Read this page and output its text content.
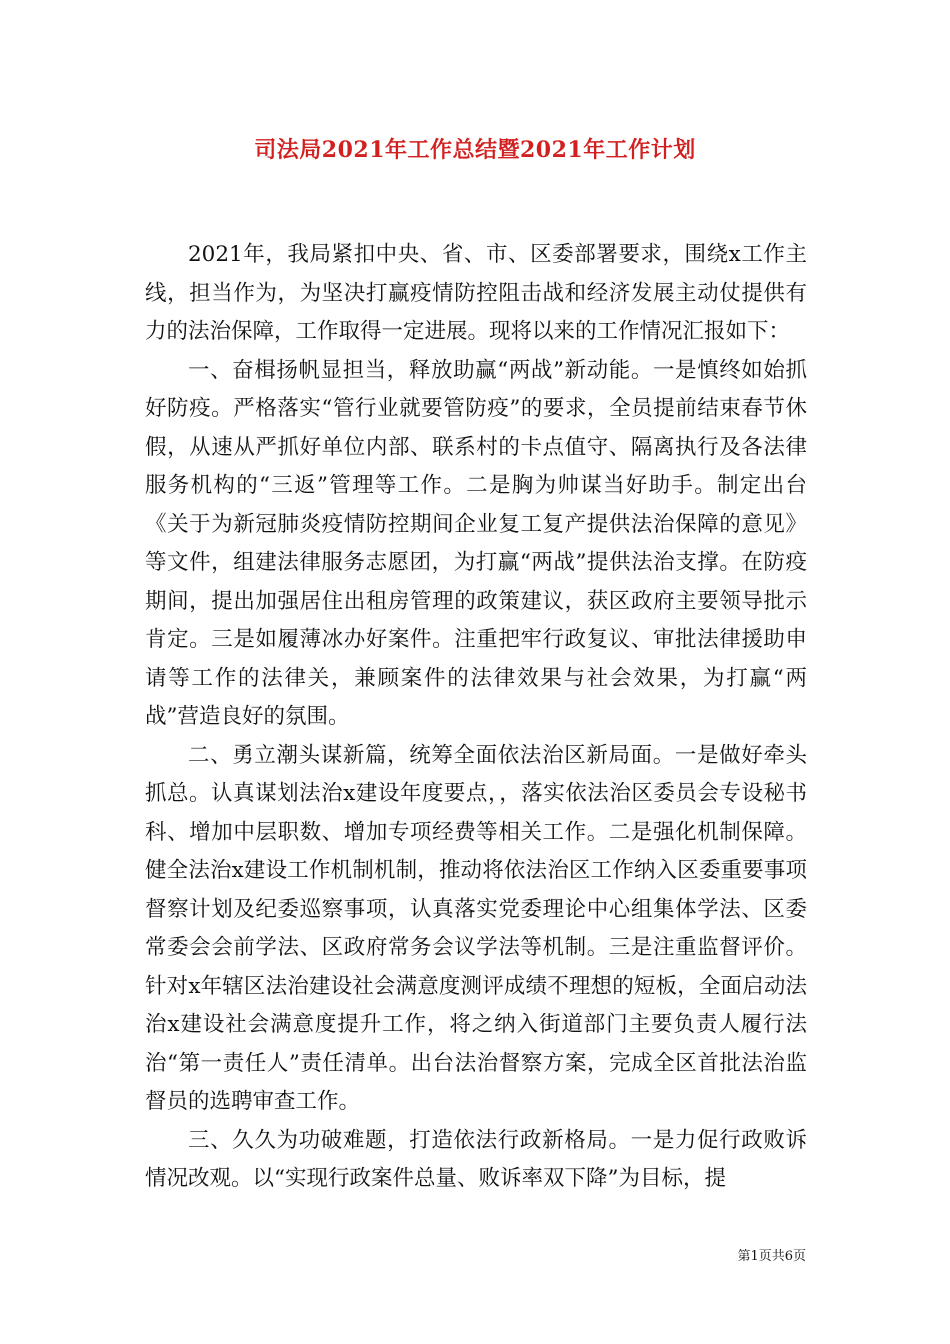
司法局2021年工作总结暨2021年工作计划

2021年，我局紧扣中央、省、市、区委部署要求，围绕x工作主线，担当作为，为坚决打赢疫情防控阻击战和经济发展主动仗提供有力的法治保障，工作取得一定进展。现将以来的工作情况汇报如下：

一、奋楫扬帆显担当，释放助赢“两战”新动能。一是慎终如始抓好防疫。严格落实“管行业就要管防疫”的要求，全员提前结束春节休假，从速从严抓好单位内部、联系村的卡点值守、隔离执行及各法律服务机构的“三返”管理等工作。二是胸为帅谋当好助手。制定出台《关于为新冠肺炎疫情防控期间企业复工复产提供法治保障的意见》等文件，组建法律服务志愿团，为打赢“两战”提供法治支撑。在防疫期间，提出加强居住出租房管理的政策建议，获区政府主要领导批示肯定。三是如履薄冰办好案件。注重把牢行政复议、审批法律援助申请等工作的法律关，兼顾案件的法律效果与社会效果，为打赢“两战”营造良好的氛围。

二、勇立潮头谋新篇，统筹全面依法治区新局面。一是做好牵头抓总。认真谋划法治x建设年度要点，，落实依法治区委员会专设秘书科、增加中层职数、增加专项经费等相关工作。二是强化机制保障。健全法治x建设工作机制机制，推动将依法治区工作纳入区委重要事项督察计划及纪委巡察事项，认真落实党委理论中心组集体学法、区委常委会会前学法、区政府常务会议学法等机制。三是注重监督评价。针对x年辖区法治建设社会满意度测评成绩不理想的短板，全面启动法治x建设社会满意度提升工作，将之纳入街道部门主要负责人履行法治“第一责任人”责任清单。出台法治督察方案，完成全区首批法治监督员的选聘审查工作。

三、久久为功破难题，打造依法行政新格局。一是力促行政败诉情况改观。以“实现行政案件总量、败诉率双下降”为目标，提

第1页共6页
